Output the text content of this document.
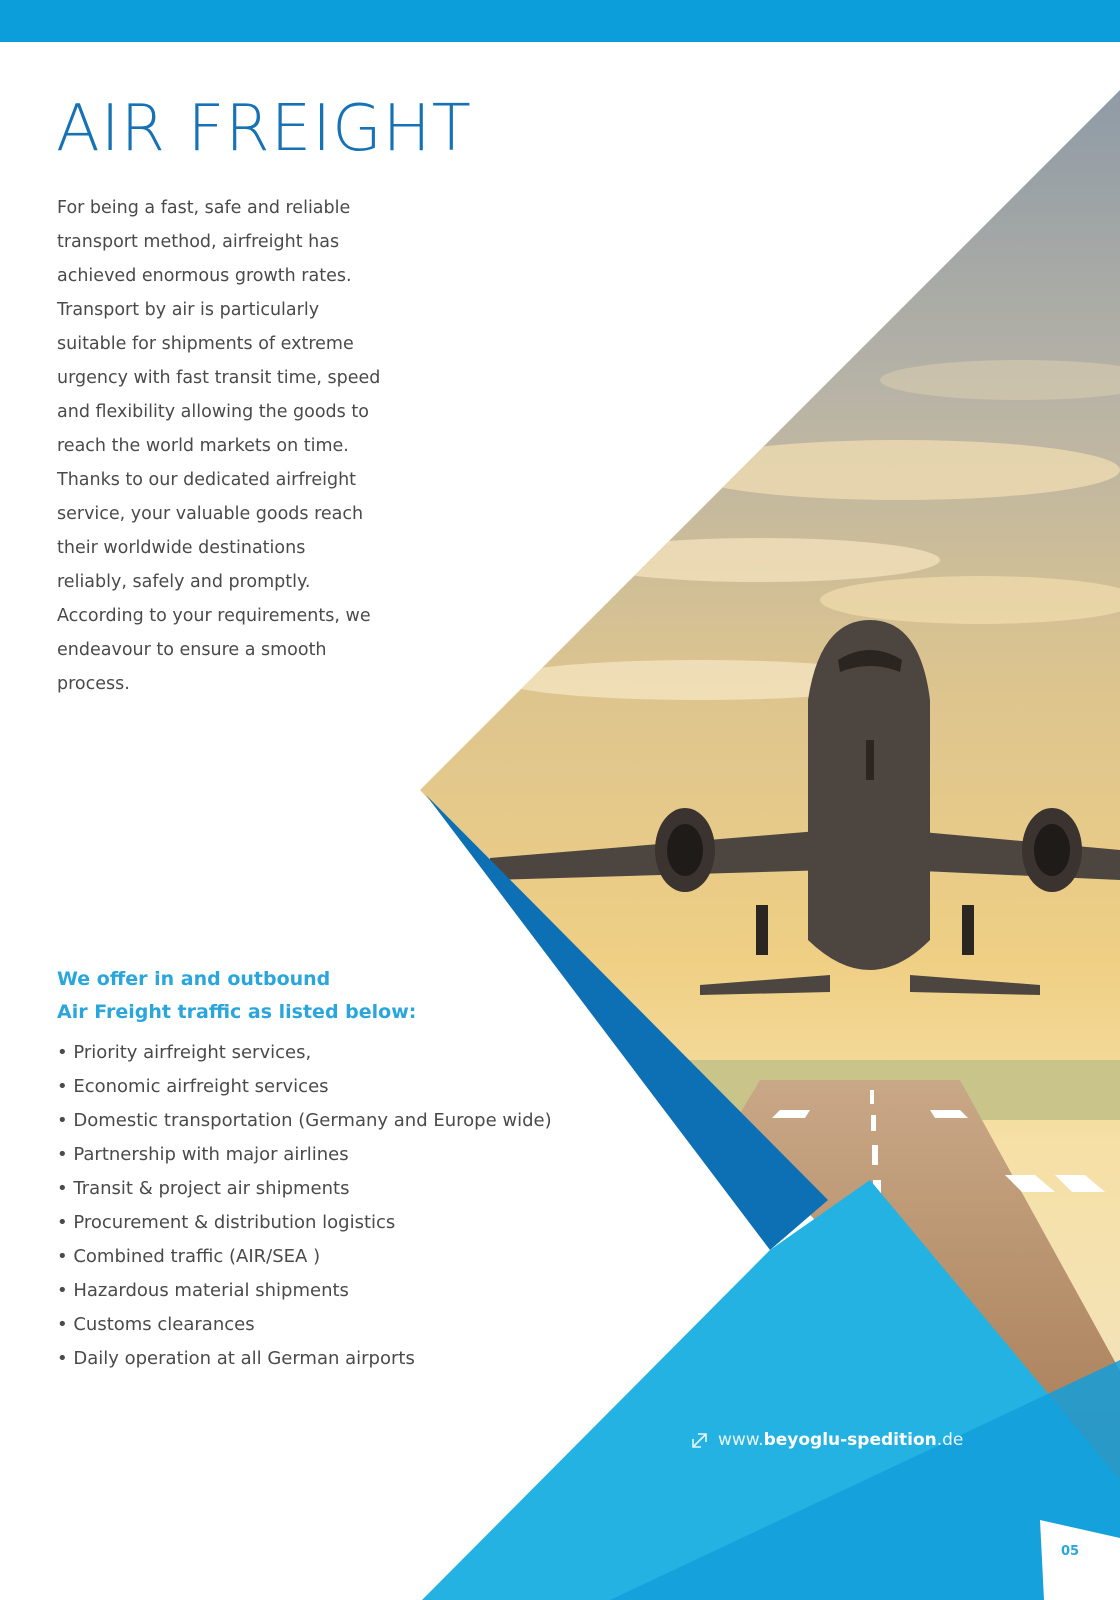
AIR FREIGHT

For being a fast, safe and reliable
transport method, airfreight has
achieved enormous growth rates.
Transport by air is particularly
suitable for shipments of extreme
urgency with fast transit time, speed
and flexibility allowing the goods to
reach the world markets on time.
Thanks to our dedicated airfreight
service, your valuable goods reach
their worldwide destinations
reliably, safely and promptly.
According to your requirements, we
endeavour to ensure a smooth
process.

We offer in and outbound
Air Freight traffic as listed below:
• Priority airfreight services,
• Economic airfreight services
• Domestic transportation (Germany and Europe wide)
• Partnership with major airlines
• Transit & project air shipments
• Procurement & distribution logistics
• Combined traffic (AIR/SEA )
• Hazardous material shipments
• Customs clearances
• Daily operation at all German airports
www.beyoglu-spedition.de
05
